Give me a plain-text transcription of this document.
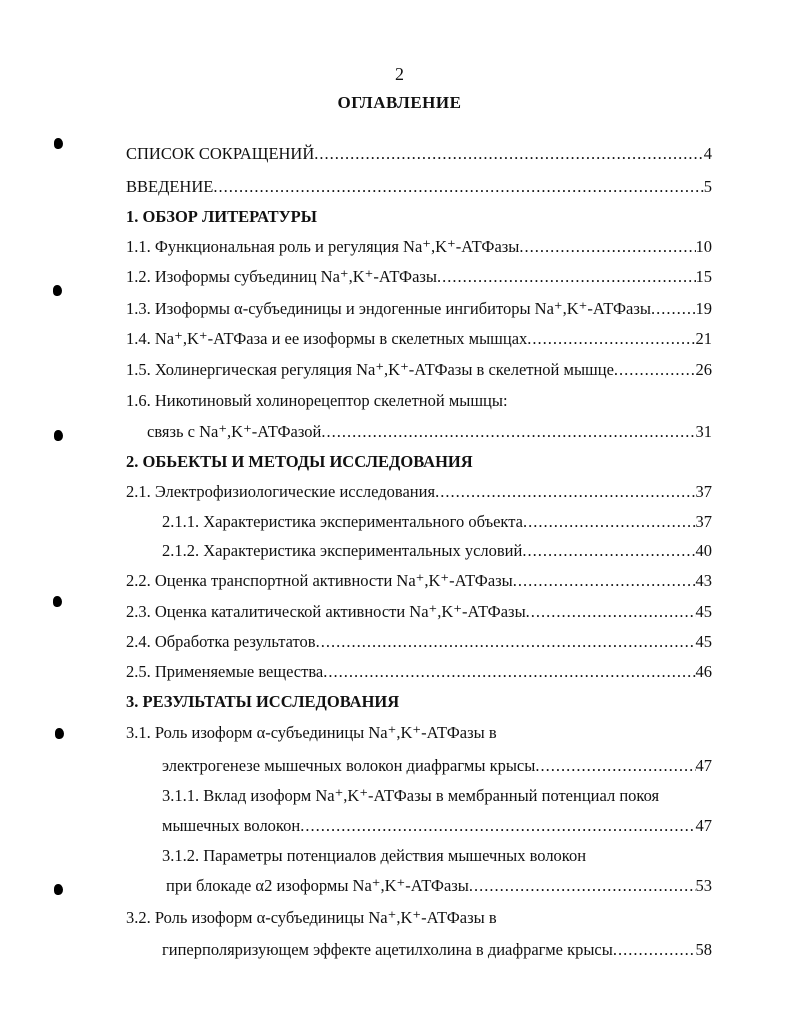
2
ОГЛАВЛЕНИЕ
СПИСОК СОКРАЩЕНИЙ .....	4
ВВЕДЕНИЕ .....	5
1. ОБЗОР ЛИТЕРАТУРЫ
1.1. Функциональная роль и регуляция Na⁺,K⁺-АТФазы .....	10
1.2. Изоформы субъединиц Na⁺,K⁺-АТФазы .....	15
1.3. Изоформы α-субъединицы и эндогенные ингибиторы Na⁺,K⁺-АТФазы .....	19
1.4. Na⁺,K⁺-АТФаза и ее изоформы в скелетных мышцах .....	21
1.5. Холинергическая регуляция Na⁺,K⁺-АТФазы в скелетной мышце .....	26
1.6. Никотиновый холинорецептор скелетной мышцы:
связь с Na⁺,K⁺-АТФазой .....	31
2. ОБЬЕКТЫ И МЕТОДЫ ИССЛЕДОВАНИЯ
2.1. Электрофизиологические исследования .....	37
2.1.1. Характеристика экспериментального объекта .....	37
2.1.2. Характеристика экспериментальных условий .....	40
2.2. Оценка транспортной активности Na⁺,K⁺-АТФазы .....	43
2.3. Оценка каталитической активности Na⁺,K⁺-АТФазы .....	45
2.4. Обработка результатов .....	45
2.5. Применяемые вещества .....	46
3. РЕЗУЛЬТАТЫ ИССЛЕДОВАНИЯ
3.1. Роль изоформ α-субъединицы Na⁺,K⁺-АТФазы в
электрогенезе мышечных волокон диафрагмы крысы .....	47
3.1.1. Вклад изоформ Na⁺,K⁺-АТФазы в мембранный потенциал покоя
мышечных волокон .....	47
3.1.2. Параметры потенциалов действия мышечных волокон
при блокаде α2 изоформы Na⁺,K⁺-АТФазы .....	53
3.2. Роль изоформ α-субъединицы Na⁺,K⁺-АТФазы в
гиперполяризующем эффекте ацетилхолина в диафрагме крысы .....	58
